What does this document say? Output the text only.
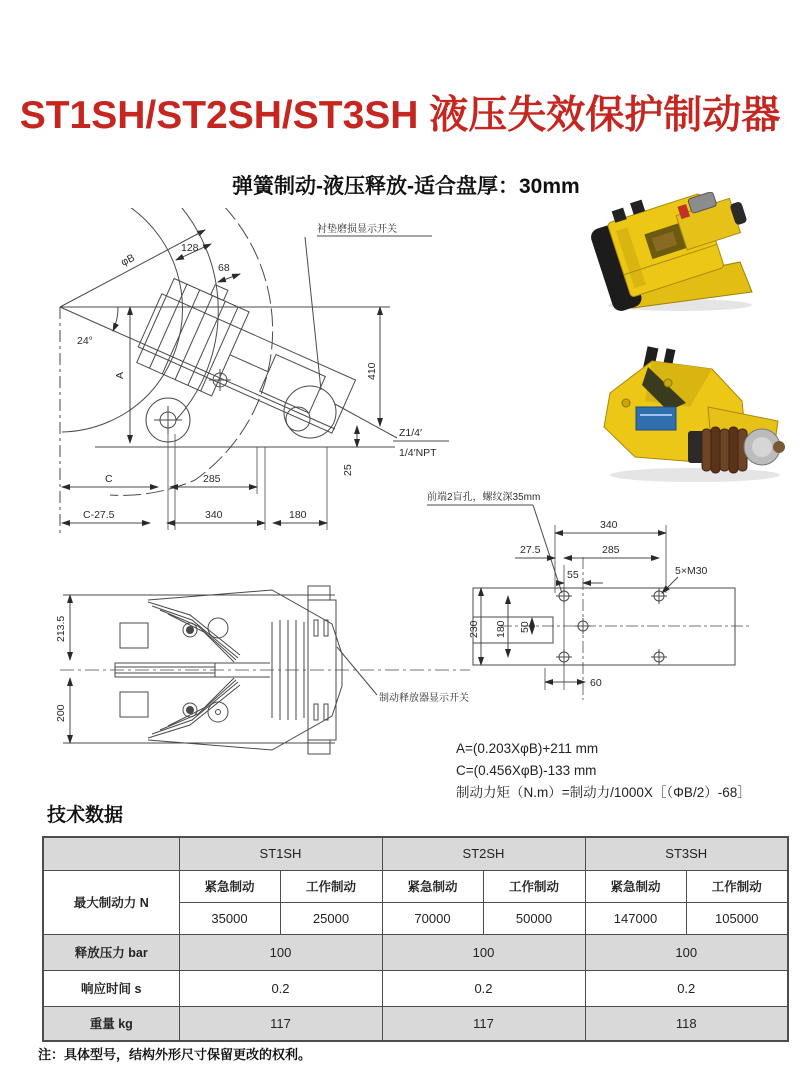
ST1SH/ST2SH/ST3SH 液压失效保护制动器
弹簧制动-液压释放-适合盘厚：30mm
衬垫磨损显示开关
φB
128
68
24°
A	410
25
Z1/4′
1/4′NPT
C	285
C-27.5	340	180
前端2盲孔，螺纹深35mm
340
27.5	285
55	5×M30
230 180 50
60
213.5
200
制动释放器显示开关
A=(0.203XφB)+211 mm
C=(0.456XφB)-133 mm
制动力矩（N.m）=制动力/1000X［（ΦB/2）-68］
技术数据
	ST1SH		ST2SH		ST3SH	
最大制动力 N	紧急制动	工作制动	紧急制动	工作制动	紧急制动	工作制动
	35000	25000	70000	50000	147000	105000
释放压力 bar	100		100		100	
响应时间 s	0.2		0.2		0.2	
重量 kg	117		117		118	
注：具体型号，结构外形尺寸保留更改的权利。
